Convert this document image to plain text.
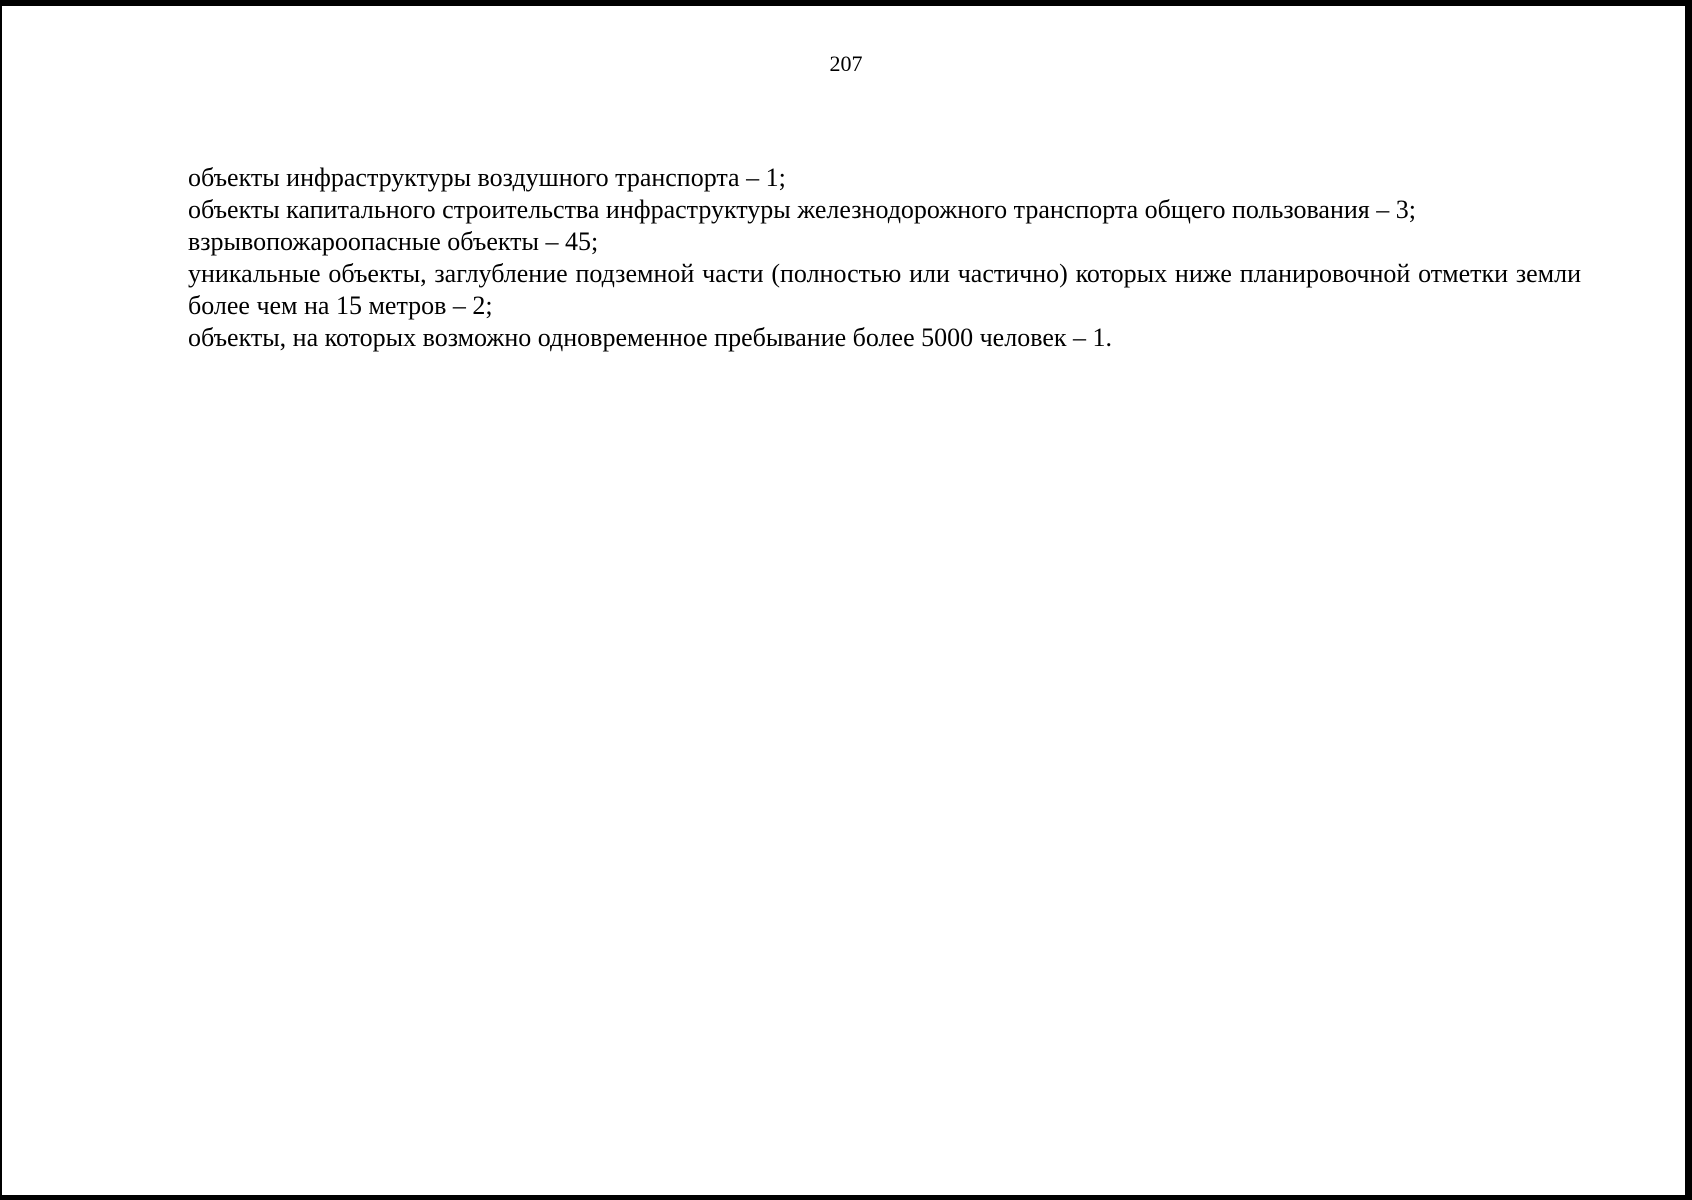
207

объекты инфраструктуры воздушного транспорта – 1;

объекты капитального строительства инфраструктуры железнодорожного транспорта общего пользования – 3;

взрывопожароопасные объекты – 45;

уникальные объекты, заглубление подземной части (полностью или частично) которых ниже планировочной отметки земли более чем на 15 метров – 2;

объекты, на которых возможно одновременное пребывание более 5000 человек – 1.
